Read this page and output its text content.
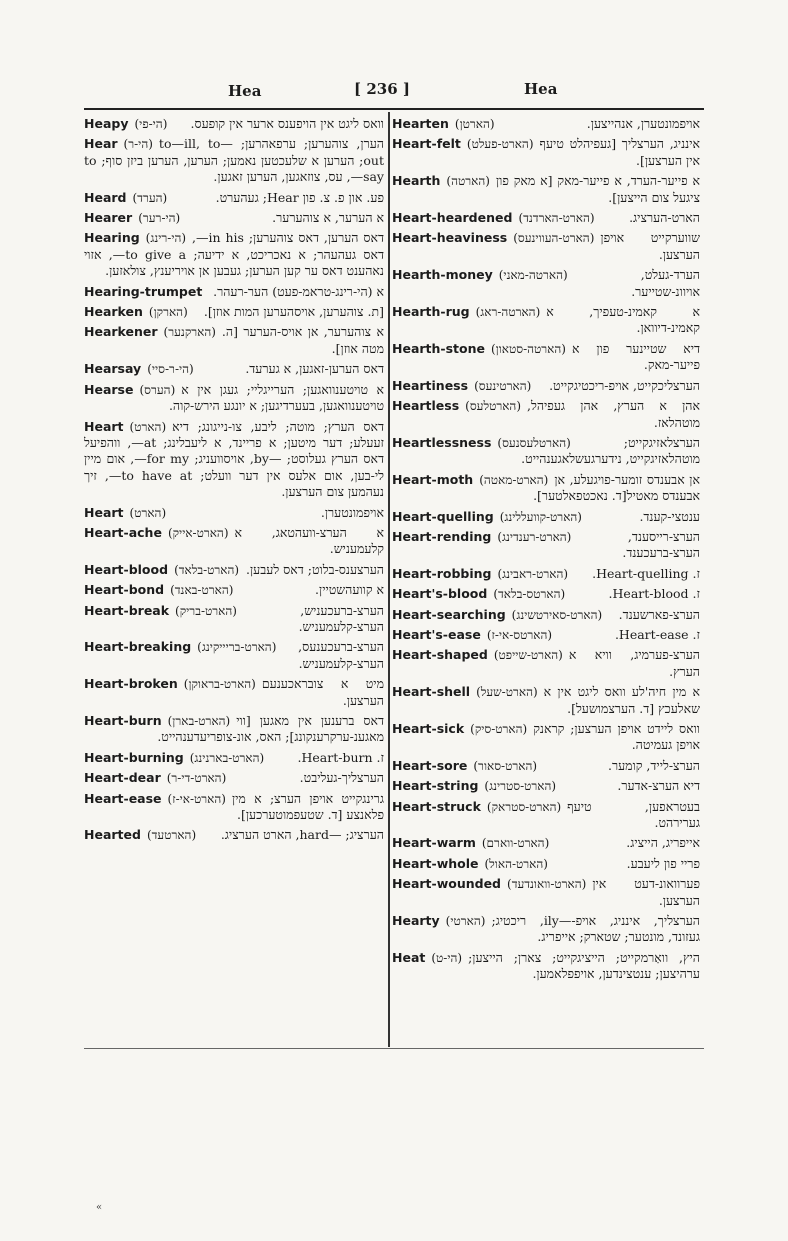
Hea	[ 236 ]	Hea
Heapy (הי-פי)	וואס ליגט אין הויפענס ארער אין קופעס.
Hear (הי-ר) הערן, צוהערען; ערפאהרען; to—ill, to—out; הערען א שלעכטען נאמען; הערען, הערען ביזן סוף; to—say, עס, צוזאגען, הערען זאגען.
Heard (הערד)	פע. און פ. צ. פון Hear; געהערט.
Hearer (הי-רער)	א הערער, א צוהערער.
Hearing (הי-רינג) דאס הערען, דאס צוהערען; in his—, דאס געהעהר; א נאכריכט, א ידיעה; to give a—, אזוי נאהענט דאס ער קען הערען; געבען אן אויריענץ, צולאזען.
Hearing-trumpet א (הי-רינג-טראמ-פעט) הער-רעהר.
Hearken (הארקן)	[ת. צוהערען, אויסהערען המות אוזן].
Hearkener (הארקנער) א צוהערער, אן אויס-הערער [ה. מטה אוזן].
Hearsay (הי-ר-סיי)	דאס הערען-זאגען, א גערעד.
Hearse (הערס) א טויטענוואגען; הערייגליי; געגן אין א טויטענוואגען, בעערדיגען; א יונגע הירש-קוה.
Heart (הארט) דאס הערץ; מוטה; ליבע, צו-נייגונג; דיא זעעלע; דער מיטען; א פריינד, א ליעבלינג; at—, ווהפיעל דאס הערץ געלוסט; —by, אויסוועניג; for my—, אום מיין לי-בען, אום אלעס אין דער וועלט; to have at—, זיך נעהמען צום הערצען.
Heart (הארט)	אויפמונטערן.
Heart-ache (הארט-אייק) א הערצ-וועהטאג, א קלעמעניש.
Heart-blood (הארט-בלאד) הערצענס-בלוט; דאס לעבען.
Heart-bond (הארט-באנד)	א קוועהשטיין.
Heart-break (הארט-בריק)	הערצ-ברעכעניש, הערצ-קלעמעניש.
Heart-breaking (הארט-בריייקינג)	הערצ-ברעכענעס, הערצ-קלעמעניש.
Heart-broken (הארט-בראוקן) מיט א צובראכענעם הערצען.
Heart-burn (הארט-בארן) דאס ברענען אין מאגען [ווי מאגענ-ערקרענקונג]; האס, אונ-צופריעדענהייט.
Heart-burning (הארט-בארנינג)	ז. Heart-burn.
Heart-dear (הארט-די-ר)	הערצליך-געליבט.
Heart-ease (הארט-אי-ז) גרינגקייט אויפן הערצ; א מין פלאנצע [ד. שטעפמוטערכען].
Hearted (הארטעד)	הערציג; —hard, הארט הערציג.
Hearten (הארטן)	אויפמונטערן, אנהייצען.
Heart-felt (הארט-פעלט) אינניג, הערצליך [געפיהלט טיעף אין הערצען].
Hearth (הארטה) א פייער-הערד, א פייער-מאק [א מאק פון ציגעל צום הייצען].
Heart-heardened (הארט-הארדנד)	הארט-הערציג.
Heart-heaviness (הארט-העווינעס) שווערקייט אויפן הערצען.
Hearth-money (הארטה-מאני)	הערד-געלט, אויוונ-שטייער.
Hearth-rug (הארטה-ראג) א קאמינ-טעפיך, א קאמינ-דיוואן.
Hearth-stone (הארטה-סטאון) דיא שטיינער פון א פייער-מאק.
Heartiness (הארטינעס)	הערצליכקייט, אויפ-ריכטיגקייט.
Heartless (הארטלעס) אהן א הערץ, אהן געפיהל, מוטהלאז.
Heartlessness (הארטלעסנעס)	הערצלאזיגקייט; מוטהלאזיגקייט, נידערגעשלאגענהייט.
Heart-moth (הארט-מאטה) אן אבענדס זומער-פויגעלע, אן אבענדס מאטיל[ד. נאכטפאלטער].
Heart-quelling (הארט-קוועללינג)	ענטצי-קענד.
Heart-rending (הארט-רענדינג)	הערצ-רייסענד, הערצ-ברעכענד.
Heart-robbing (הארט-ראבינג)	ז. Heart-quelling.
Heart's-blood (הארטס-בלאד)	ז. Heart-blood.
Heart-searching (הארט-סאירטשינג)	הערצ-פארשענד.
Heart's-ease (הארטס-אי-ז)	ז. Heart-ease.
Heart-shaped (הארט-שייפט) הערצ-פערמיג, וויא א הערץ.
Heart-shell (הארט-שעל) א מין חיה'לע וואס ליגט אין א שאלעכץ [ד. הערצמושעל].
Heart-sick (הארט-סיק) וואס ליידט אויפן הערצען; קראנק אויפן געמיטה.
Heart-sore (הארט-סאור)	הערצ-לייד, קומער.
Heart-string (הארט-סטרינג)	דיא הערצ-אדער.
Heart-struck (הארט-סטראק) בעטראפען, טיעף גערירהט.
Heart-warm (הארט-ווארם)	אייפריג, הייציג.
Heart-whole (הארט-האול)	פריי פון ליעבע.
Heart-wounded (הארט-וואונדעד) פערוואונ-דעט אין הערצען.
Hearty (הארטי) הערצליך, אינניג, אויפ-—ily, ריכטיג; געזונד, מונטער; שטארק; אייפריג.
Heat (הי-ט) היץ, וואַרמקייט; הייציגקייט; צארן; הייצען; ערהיצען; ענטצינדען, אויפפלאמען.
«
